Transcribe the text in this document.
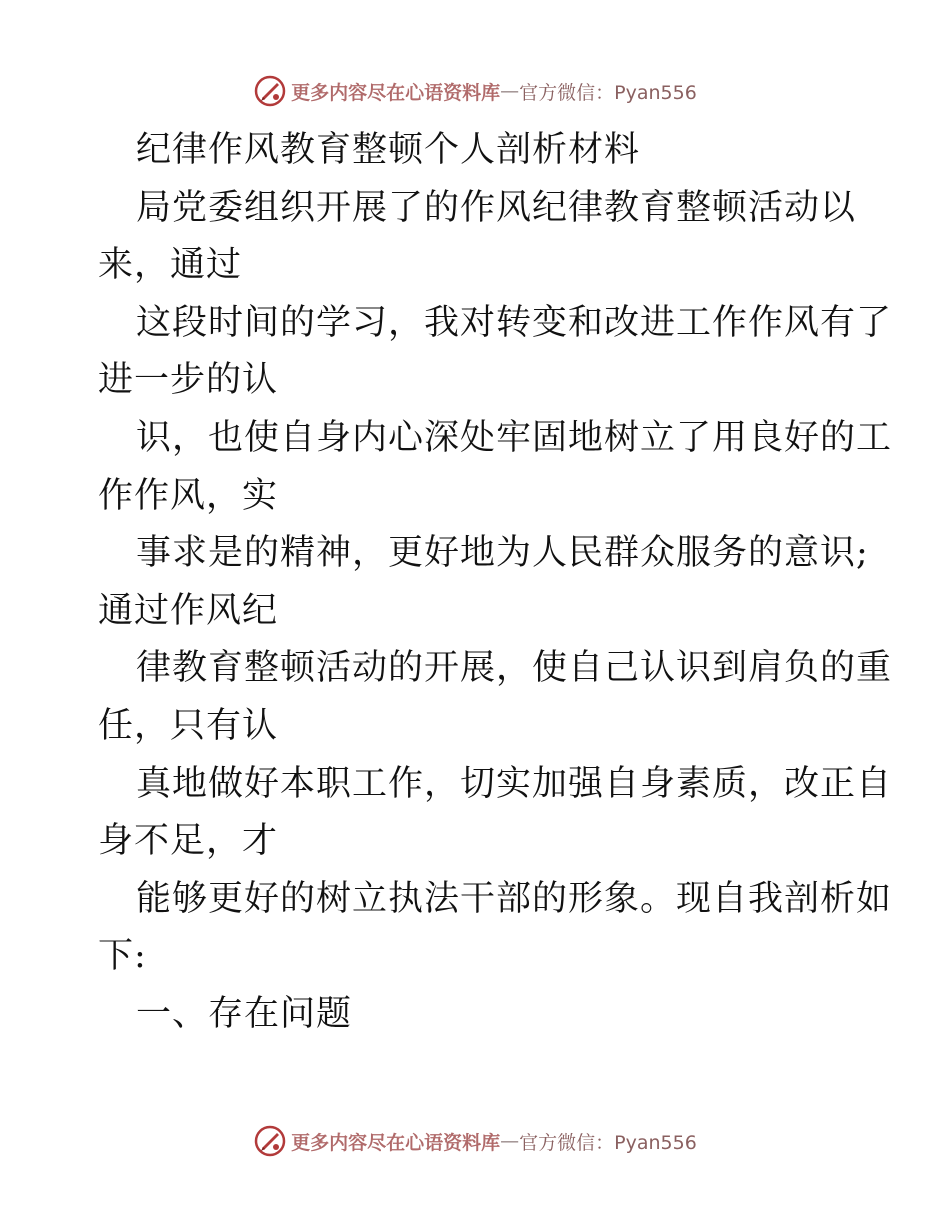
更多内容尽在心语资料库 — 官方微信：Pyan556
纪律作风教育整顿个人剖析材料
局党委组织开展了的作风纪律教育整顿活动以
来，通过
这段时间的学习，我对转变和改进工作作风有了
进一步的认
识，也使自身内心深处牢固地树立了用良好的工
作作风，实
事求是的精神，更好地为人民群众服务的意识;
通过作风纪
律教育整顿活动的开展，使自己认识到肩负的重
任，只有认
真地做好本职工作，切实加强自身素质，改正自
身不足，才
能够更好的树立执法干部的形象。现自我剖析如
下:
一、存在问题
更多内容尽在心语资料库 — 官方微信：Pyan556
